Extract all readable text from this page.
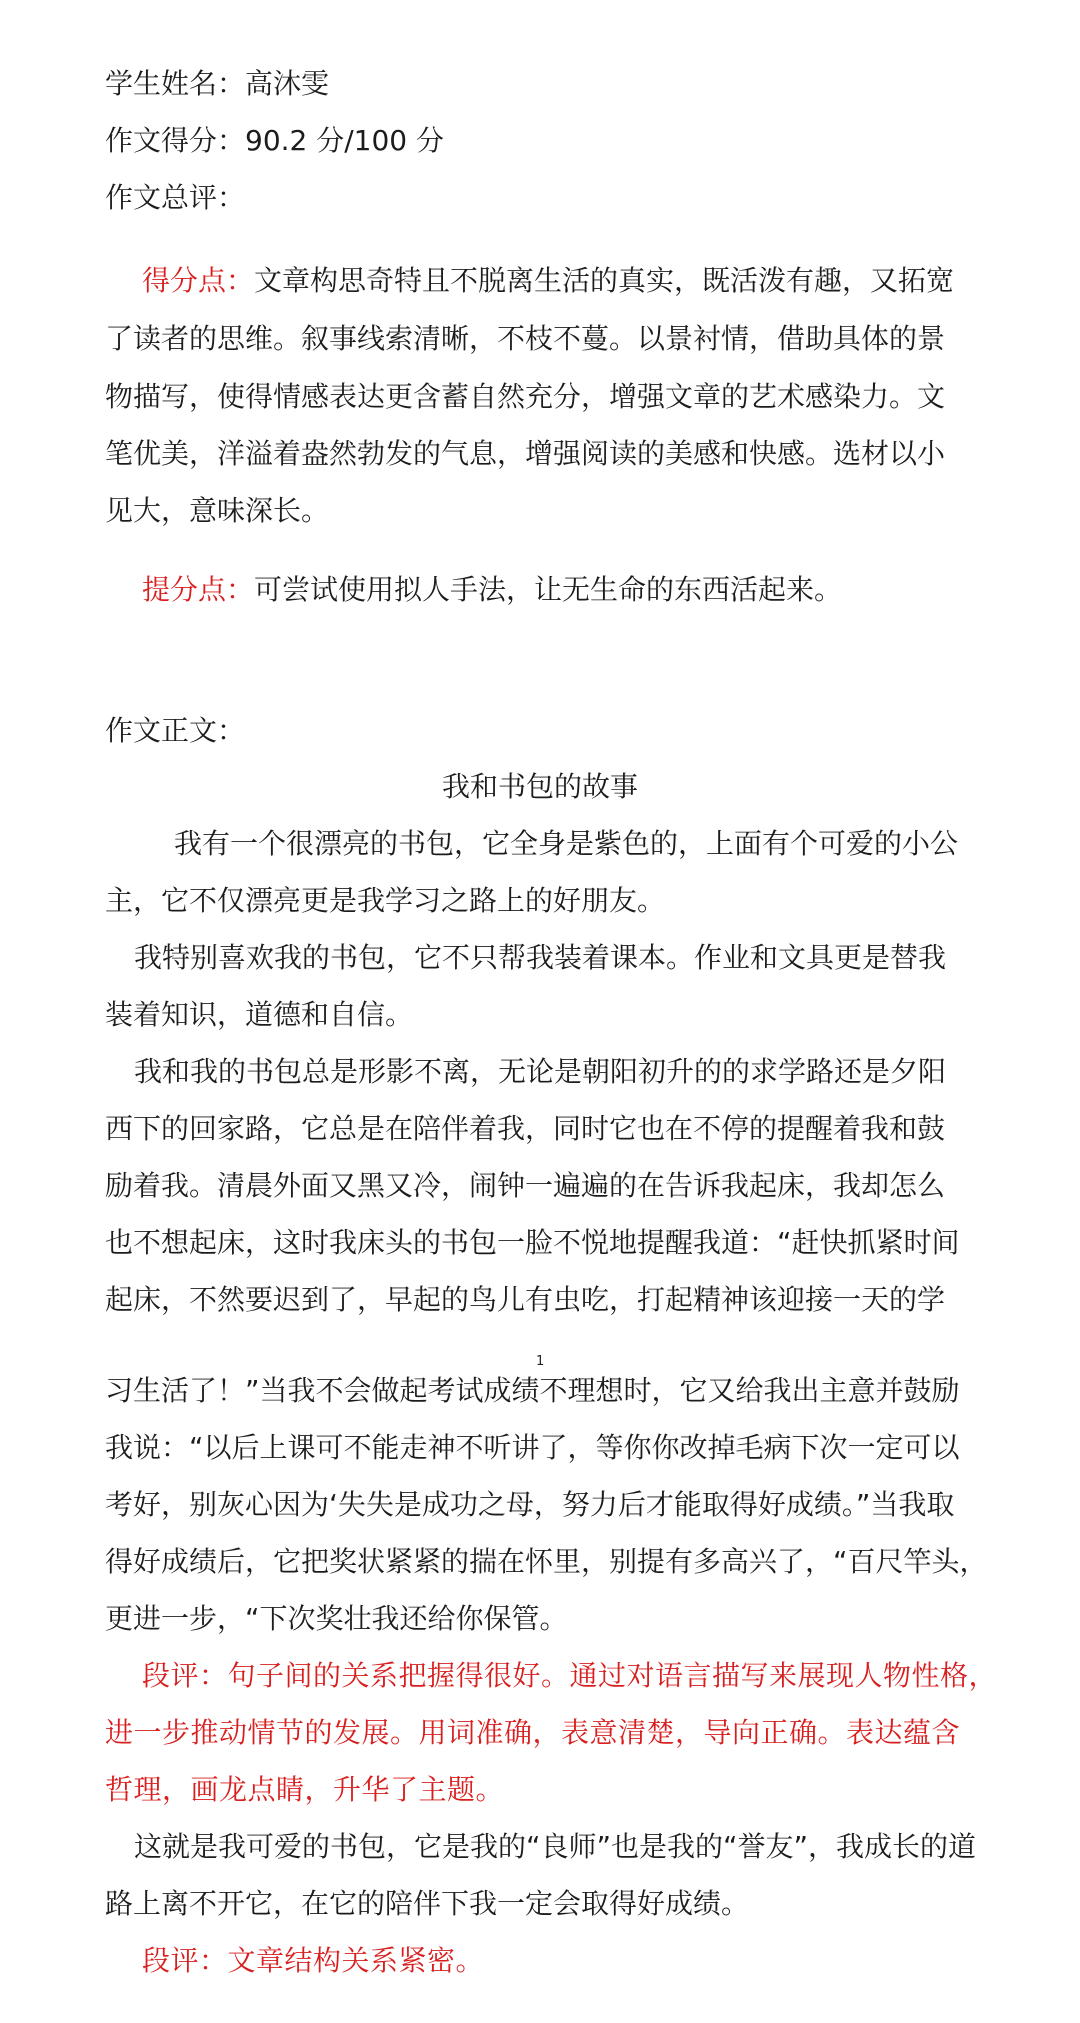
学生姓名：高沐雯
作文得分：90.2 分/100 分
作文总评：
得分点：文章构思奇特且不脱离生活的真实，既活泼有趣，又拓宽
了读者的思维。叙事线索清晰，不枝不蔓。以景衬情，借助具体的景
物描写，使得情感表达更含蓄自然充分，增强文章的艺术感染力。文
笔优美，洋溢着盎然勃发的气息，增强阅读的美感和快感。选材以小
见大，意味深长。
提分点：可尝试使用拟人手法，让无生命的东西活起来。
作文正文：
我和书包的故事
我有一个很漂亮的书包，它全身是紫色的，上面有个可爱的小公
主，它不仅漂亮更是我学习之路上的好朋友。
我特别喜欢我的书包，它不只帮我装着课本。作业和文具更是替我
装着知识，道德和自信。
我和我的书包总是形影不离，无论是朝阳初升的的求学路还是夕阳
西下的回家路，它总是在陪伴着我，同时它也在不停的提醒着我和鼓
励着我。清晨外面又黑又冷，闹钟一遍遍的在告诉我起床，我却怎么
也不想起床，这时我床头的书包一脸不悦地提醒我道：“赶快抓紧时间
起床，不然要迟到了，早起的鸟儿有虫吃，打起精神该迎接一天的学
1
习生活了！”当我不会做起考试成绩不理想时，它又给我出主意并鼓励
我说：“以后上课可不能走神不听讲了，等你你改掉毛病下次一定可以
考好，别灰心因为‘失失是成功之母，努力后才能取得好成绩。”当我取
得好成绩后，它把奖状紧紧的揣在怀里，别提有多高兴了，“百尺竿头，
更进一步，“下次奖壮我还给你保管。
段评：句子间的关系把握得很好。通过对语言描写来展现人物性格，
进一步推动情节的发展。用词准确，表意清楚，导向正确。表达蕴含
哲理，画龙点睛，升华了主题。
这就是我可爱的书包，它是我的“良师”也是我的“誉友”，我成长的道
路上离不开它，在它的陪伴下我一定会取得好成绩。
段评：文章结构关系紧密。
